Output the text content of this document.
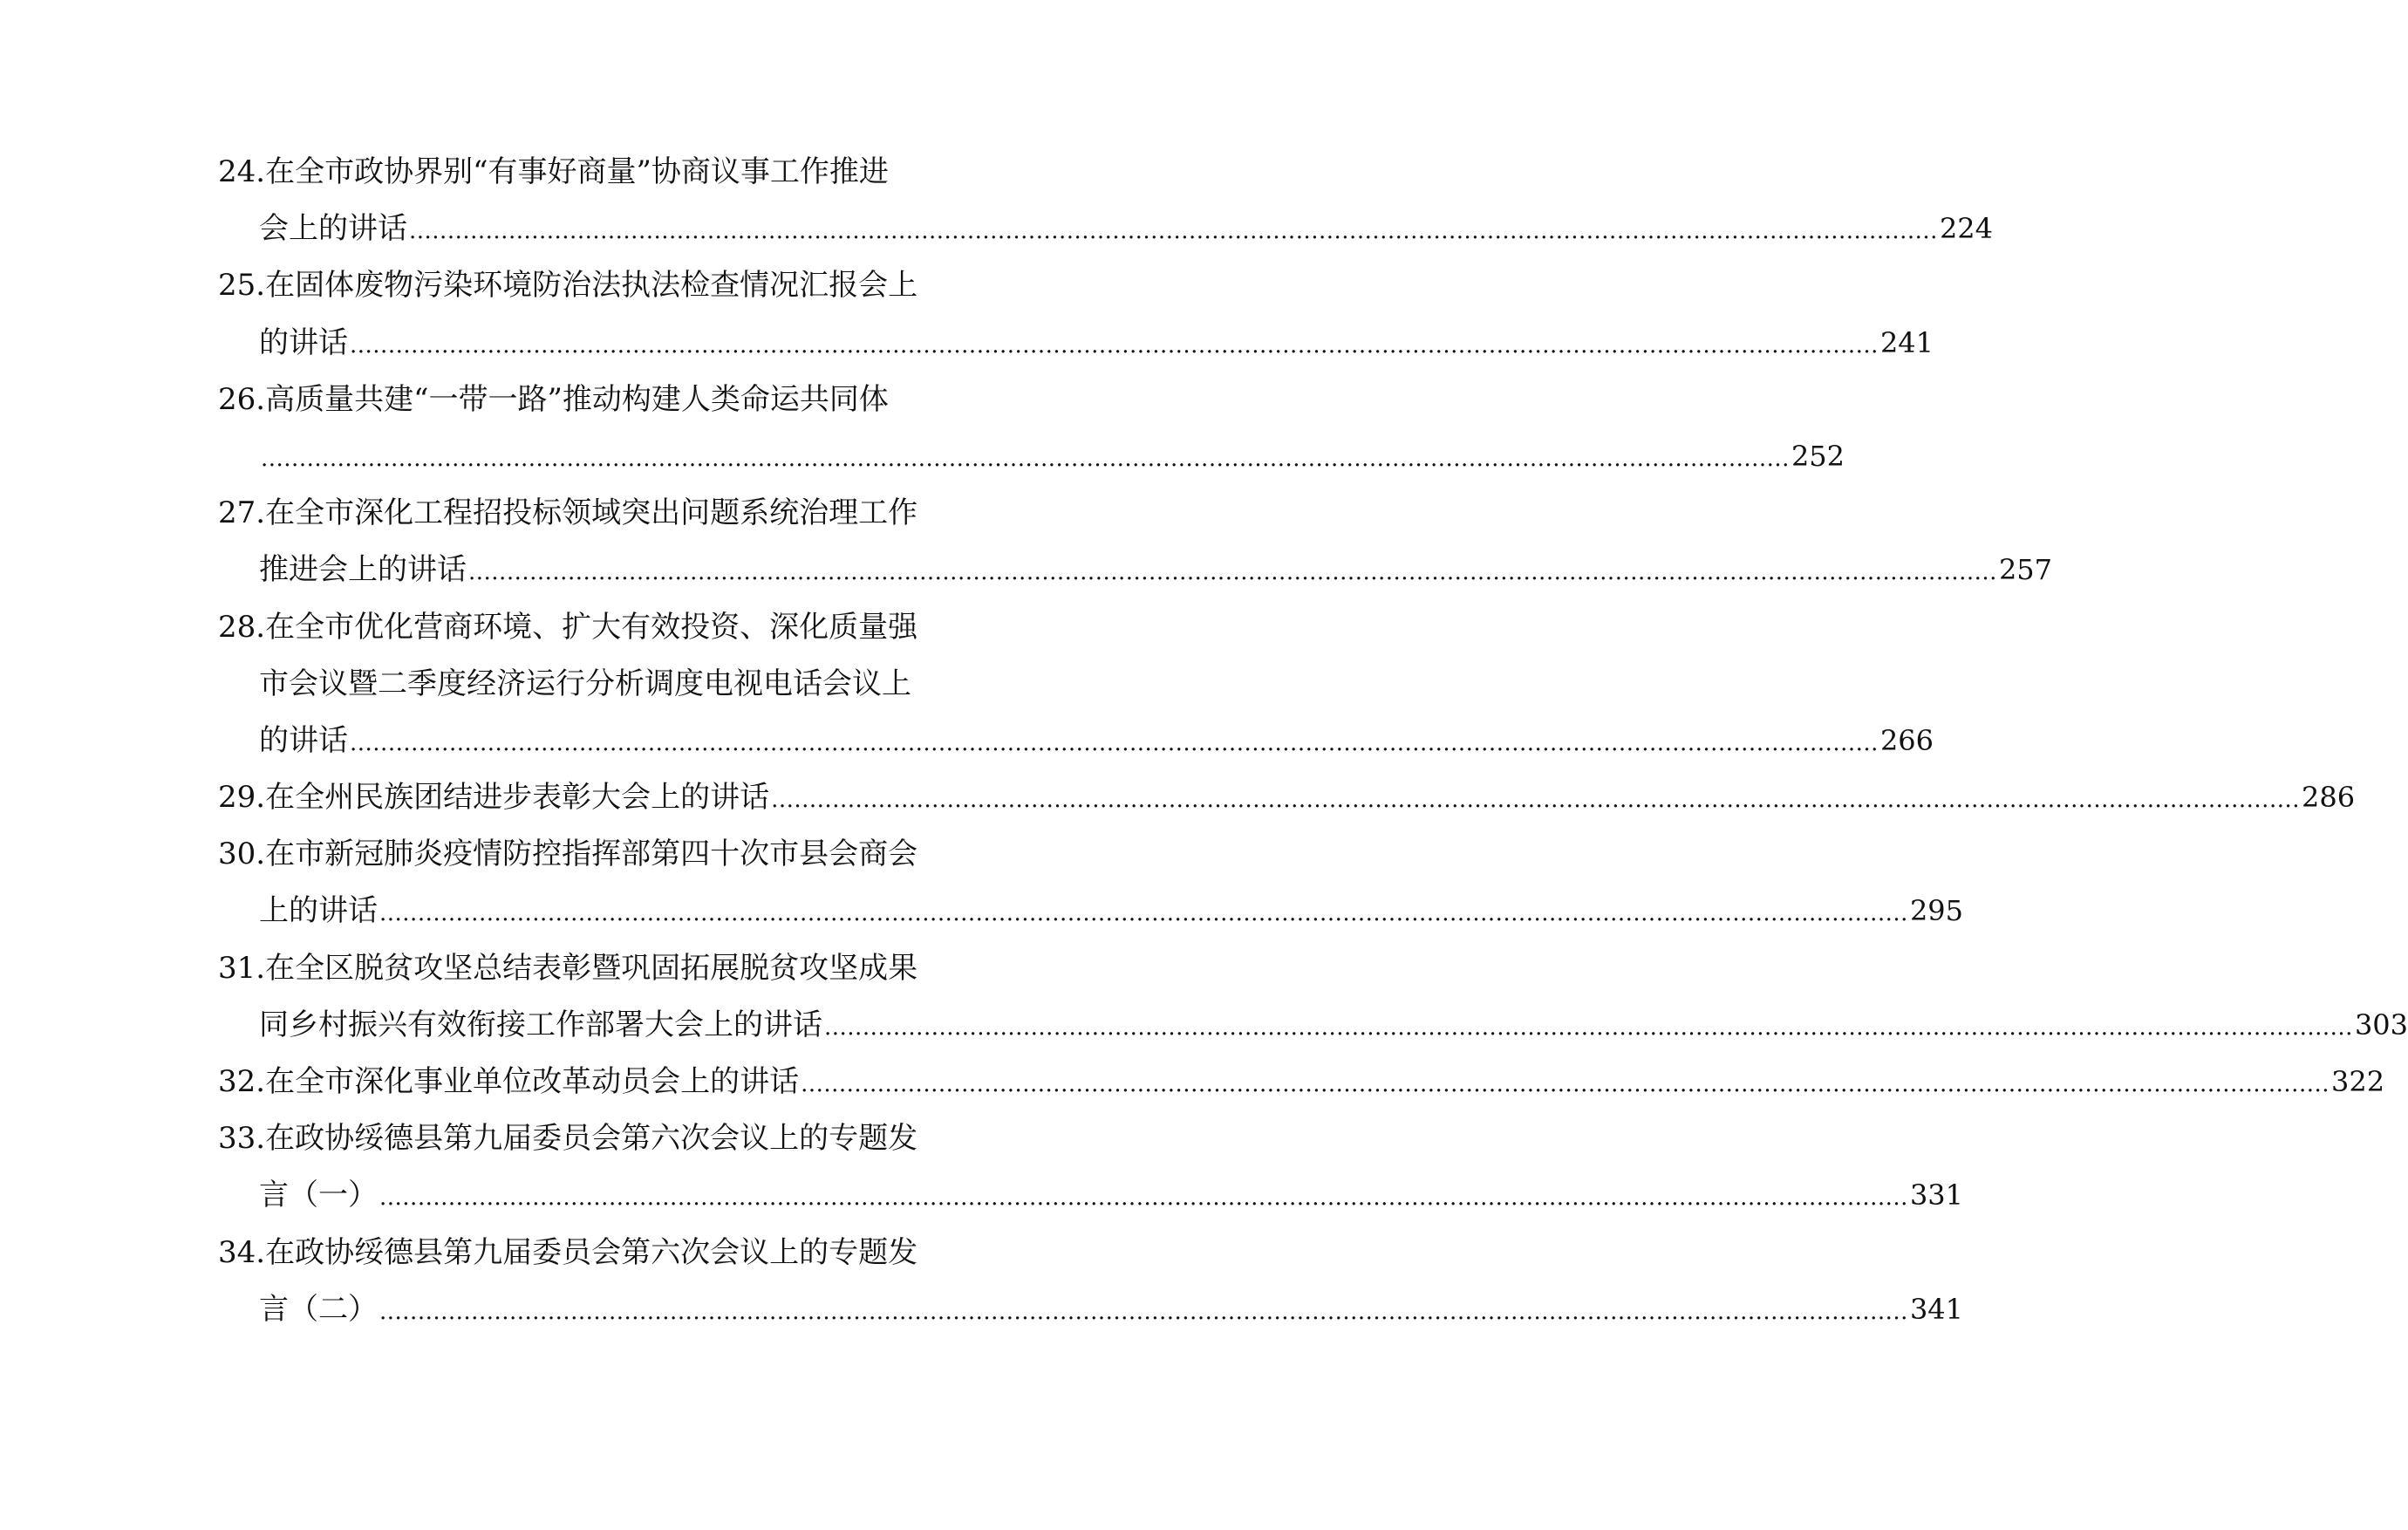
24.在全市政协界别“有事好商量”协商议事工作推进
会上的讲话 ........................................................................................................................................................................................................ 224
25.在固体废物污染环境防治法执法检查情况汇报会上
的讲话 ........................................................................................................................................................................................................ 241
26.高质量共建“一带一路”推动构建人类命运共同体
........................................................................................................................................................................................................ 252
27.在全市深化工程招投标领域突出问题系统治理工作
推进会上的讲话 ........................................................................................................................................................................................................ 257
28.在全市优化营商环境、扩大有效投资、深化质量强
市会议暨二季度经济运行分析调度电视电话会议上
的讲话 ........................................................................................................................................................................................................ 266
29.在全州民族团结进步表彰大会上的讲话 ........................................................................................................................................................................................................ 286
30.在市新冠肺炎疫情防控指挥部第四十次市县会商会
上的讲话 ........................................................................................................................................................................................................ 295
31.在全区脱贫攻坚总结表彰暨巩固拓展脱贫攻坚成果
同乡村振兴有效衔接工作部署大会上的讲话 ........................................................................................................................................................................................................ 303
32.在全市深化事业单位改革动员会上的讲话 ........................................................................................................................................................................................................ 322
33.在政协绥德县第九届委员会第六次会议上的专题发
言（一） ........................................................................................................................................................................................................ 331
34.在政协绥德县第九届委员会第六次会议上的专题发
言（二） ........................................................................................................................................................................................................ 341
